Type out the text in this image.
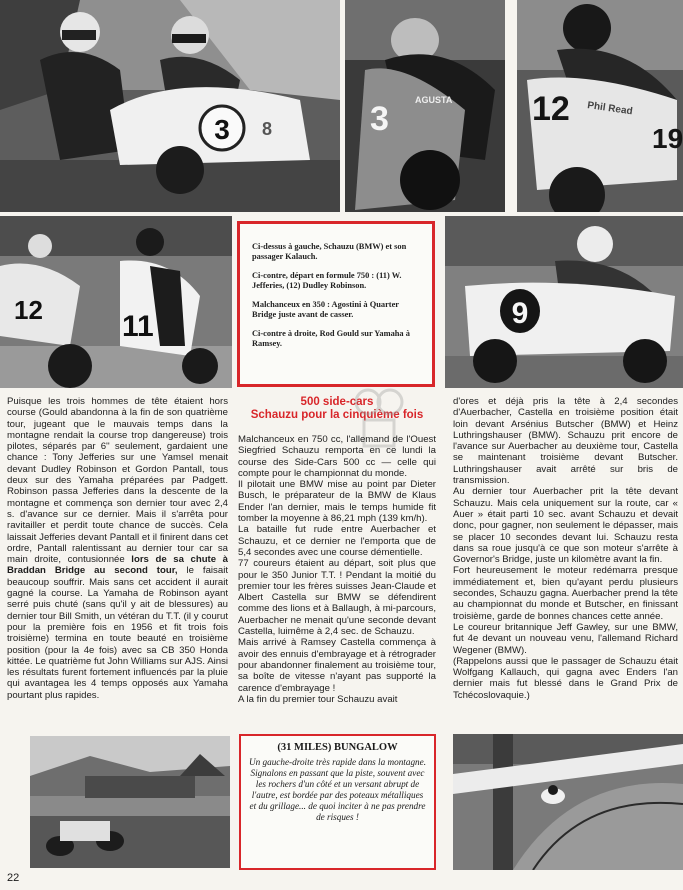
3 8	3	AGUSTA 12
19
Phil Read
12	11	9

Ci-dessus à gauche, Schauzu (BMW) et son passager Kalauch.

Ci-contre, départ en formule 750 : (11) W. Jefferies, (12) Dudley Robinson.

Malchanceux en 350 : Agostini à Quarter Bridge juste avant de casser.

Ci-contre à droite, Rod Gould sur Yamaha à Ramsey.

500 side-cars
Schauzu pour la cinquième fois

Puisque les trois hommes de tête étaient hors course (Gould abandonna à la fin de son quatrième tour, jugeant que le mauvais temps dans la montagne rendait la course trop dangereuse) trois pilotes, séparés par 6'' seulement, gardaient une chance : Tony Jefferies sur une Yamsel menait devant Dudley Robinson et Gordon Pantall, tous deux sur des Yamaha préparées par Padgett. Robinson passa Jefferies dans la descente de la montagne et commença son dernier tour avec 2,4 s. d'avance sur ce dernier. Mais il s'arrêta pour ravitailler et perdit toute chance de succès. Cela laissait Jefferies devant Pantall et il finirent dans cet ordre, Pantall ralentissant au dernier tour car sa main droite, contusionnée lors de sa chute à Braddan Bridge au second tour, le faisait beaucoup souffrir. Mais sans cet accident il aurait gagné la course. La Yamaha de Robinson ayant serré puis chuté (sans qu'il y ait de blessures) au dernier tour Bill Smith, un vétéran du T.T. (il y courut pour la première fois en 1956 et fit trois fois troisième) termina en toute beauté en troisième position (pour la 4e fois) avec sa CB 350 Honda kittée. Le quatrième fut John Williams sur AJS. Ainsi les résultats furent fortement influencés par la pluie qui avantagea les 4 temps opposés aux Yamaha pourtant plus rapides.

Malchanceux en 750 cc, l'allemand de l'Ouest Siegfried Schauzu remporta en ce lundi la course des Side-Cars 500 cc — celle qui compte pour le championnat du monde.

Il pilotait une BMW mise au point par Dieter Busch, le préparateur de la BMW de Klaus Ender l'an dernier, mais le temps humide fit tomber la moyenne à 86,21 mph (139 km/h).

La bataille fut rude entre Auerbacher et Schauzu, et ce dernier ne l'emporta que de 5,4 secondes avec une course démentielle.

77 coureurs étaient au départ, soit plus que pour le 350 Junior T.T. ! Pendant la moitié du premier tour les frères suisses Jean-Claude et Albert Castella sur BMW se défendirent comme des lions et à Ballaugh, à mi-parcours, Auerbacher ne menait qu'une seconde devant Castella, luimême à 2,4 sec. de Schauzu.

Mais arrivé à Ramsey Castella commença à avoir des ennuis d'embrayage et à rétrograder pour abandonner finalement au troisième tour, sa boîte de vitesse n'ayant pas supporté la carence d'embrayage !

A la fin du premier tour Schauzu avait

d'ores et déjà pris la tête à 2,4 secondes d'Auerbacher, Castella en troisième position était loin devant Arsénius Butscher (BMW) et Heinz Luthringshauser (BMW). Schauzu prit encore de l'avance sur Auerbacher au deuxième tour, Castella se maintenant troisième devant Butscher. Luthringshauser avait arrêté sur bris de transmission.

Au dernier tour Auerbacher prit la tête devant Schauzu. Mais cela uniquement sur la route, car « Auer » était parti 10 sec. avant Schauzu et devait donc, pour gagner, non seulement le dépasser, mais se placer 10 secondes devant lui. Schauzu resta dans sa roue jusqu'à ce que son moteur s'arrête à Governor's Bridge, juste un kilomètre avant la fin.

Fort heureusement le moteur redémarra presque immédiatement et, bien qu'ayant perdu plusieurs secondes, Schauzu gagna. Auerbacher prend la tête au championnat du monde et Butscher, en finissant troisième, garde de bonnes chances cette année.

Le coureur britannique Jeff Gawley, sur une BMW, fut 4e devant un nouveau venu, l'allemand Richard Wegener (BMW).

(Rappelons aussi que le passager de Schauzu était Wolfgang Kallauch, qui gagna avec Enders l'an dernier mais fut blessé dans le Grand Prix de Tchécoslovaquie.)

(31 MILES) BUNGALOW
Un gauche-droite très rapide dans la montagne. Signalons en passant que la piste, souvent avec les rochers d'un côté et un versant abrupt de l'autre, est bordée par des poteaux métalliques et du grillage... de quoi inciter à ne pas prendre de risques !
22
